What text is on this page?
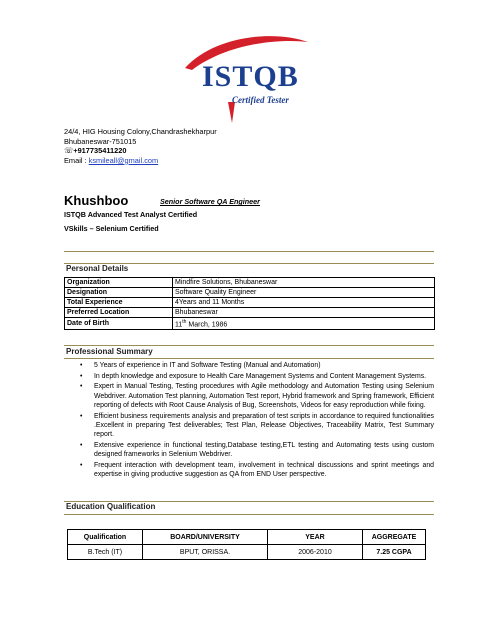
ISTQB
Certified Tester
24/4, HIG Housing Colony,Chandrashekharpur
Bhubaneswar-751015
☏+917735411220
Email : ksmileall@gmail.com
Khushboo	Senior Software QA Engineer
ISTQB Advanced Test Analyst Certified
VSkills – Selenium Certified
Personal Details
Organization	Mindfire Solutions, Bhubaneswar
Designation	Software Quality Engineer
Total Experience	4Years and 11 Months
Preferred Location	Bhubaneswar
Date of Birth	11th March, 1986
Professional Summary
• 5 Years of experience in IT and Software Testing (Manual and Automation)
• In depth knowledge and exposure to Health Care Management Systems and Content Management Systems.
• Expert in Manual Testing, Testing procedures with Agile methodology and Automation Testing using Selenium Webdriver. Automation Test planning, Automation Test report, Hybrid framework and Spring framework, Efficient reporting of defects with Root Cause Analysis of Bug, Screenshots, Videos for easy reproduction while fixing.
• Efficient business requirements analysis and preparation of test scripts in accordance to required functionalities .Excellent in preparing Test deliverables; Test Plan, Release Objectives, Traceability Matrix, Test Summary report.
• Extensive experience in functional testing,Database testing,ETL testing and Automating tests using custom designed frameworks in Selenium Webdriver.
• Frequent interaction with development team, involvement in technical discussions and sprint meetings and expertise in giving productive suggestion as QA from END User perspective.
Education Qualification
Qualification	BOARD/UNIVERSITY	YEAR	AGGREGATE
B.Tech (IT)	BPUT, ORISSA.	2006-2010	7.25 CGPA
